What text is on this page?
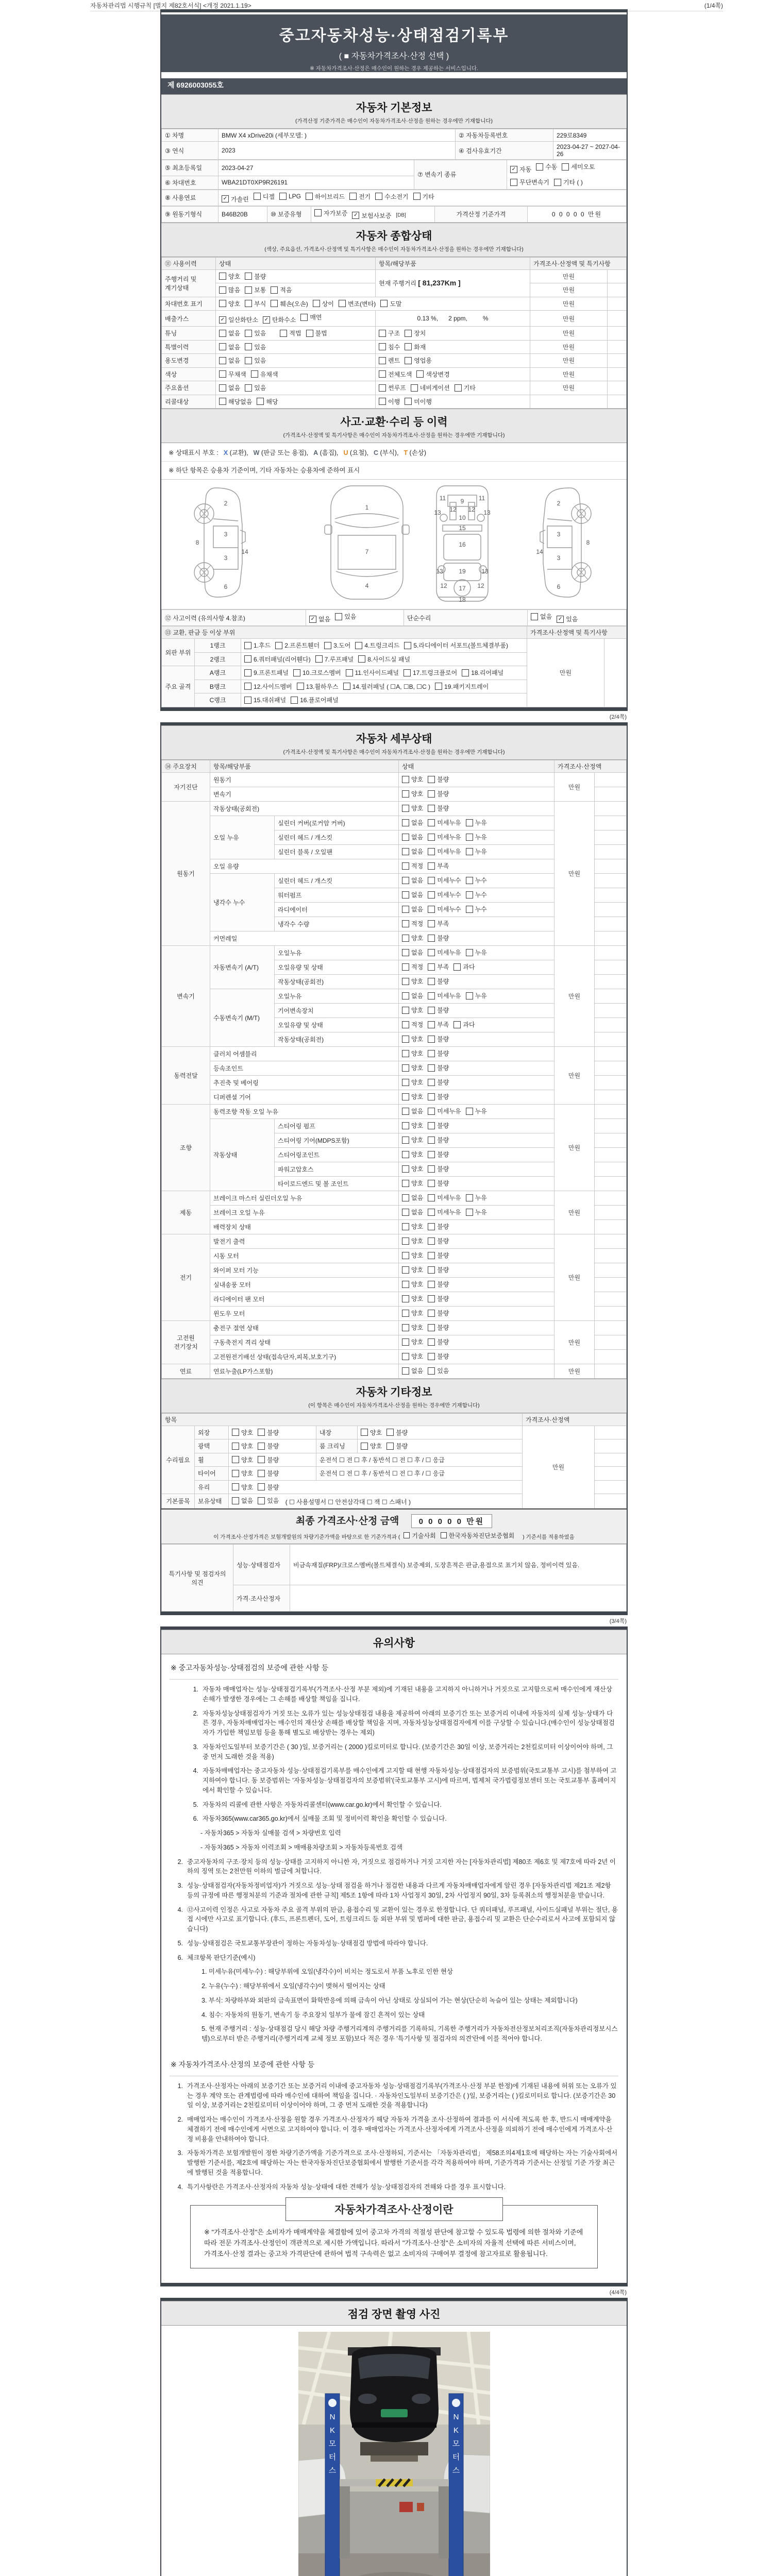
자동차관리법 시행규칙 [별지 제82호서식] <개정 2021.1.19>	(1/4쪽)
중고자동차성능·상태점검기록부
( ■ 자동차가격조사·산정 선택 )
※ 자동차가격조사·산정은 매수인이 원하는 경우 제공하는 서비스입니다.
제 6926003055호
자동차 기본정보
(가격산정 기준가격은 매수인이 자동차가격조사·산정을 원하는 경우에만 기재합니다)
① 차명	BMW X4 xDrive20i (세부모델: )	② 자동차등록번호	229로8349
③ 연식	2023	④ 검사유효기간	2023-04-27 ~ 2027-04-26
⑤ 최초등록일	2023-04-27	⑦ 변속기 종류	✓ 자동 수동 세미오토

⑥ 차대번호	WBA21DT0XP9R26191		무단변속기 기타 ( )
⑧ 사용연료	✓ 가솔린 디젤 LPG 하이브리드 전기 수소전기 기타
⑨ 원동기형식	B46B20B	⑩ 보증유형	자가보증 ✓ 보험사보증 [DB]	가격산정 기준가격	0 0 0 0 0 만원
자동차 종합상태
(색상, 주요옵션, 가격조사·산정액 및 특기사항은 매수인이 자동차가격조사·산정을 원하는 경우에만 기재합니다)
⑪ 사용이력	상태	항목/해당부품	가격조사·산정액 및 특기사항	
주행거리 및 계기상태	양호 불량	현재 주행거리 [ 81,237Km ]	만원	

	많음 보통 적음		만원	
차대번호 표기	양호 부식 훼손(오손) 상이 변조(변타) 도말	만원	
배출가스	✓ 일산화탄소 ✓ 탄화수소 매연	0.13 %,      2 ppm,         %	만원	
튜닝	없음 있음 적법 불법	구조 장치	만원	
특별이력	없음 있음	침수 화재	만원	
용도변경	없음 있음	렌트 영업용	만원	
색상	무채색 유채색	전체도색 색상변경	만원	
주요옵션	없음 있음	썬루프 네비게이션 기타	만원	
리콜대상	해당없음 해당	이행 미이행		

사고·교환·수리 등 이력
(가격조사·산정액 및 특기사항은 매수인이 자동차가격조사·산정을 원하는 경우에만 기재합니다)
※ 상태표시 부호 : X (교환), W (판금 또는 용접), A (흠집), U (요철), C (부식), T (손상)
※ 하단 항목은 승용차 기준이며, 기타 자동차는 승용차에 준하여 표시
2
8
3
14
3
6
1
7
4
9
11	11
13	13
12 12
10
15
16
19
13	13
12	12
17
18
2
8
3
14
3
6
⑫ 사고이력 (유의사항 4.참조)	✓ 없음 있음	단순수리	없음 ✓ 있음
⑬ 교환, 판금 등 이상 부위			가격조사·산정액 및 특기사항	
외판 부위	1랭크	1.후드 2.프론트휀더 3.도어 4.트렁크리드 5.라디에이터 서포트(볼트체결부품)	만원	
	2랭크	6.쿼터패널(리어휀다) 7.루프패널 8.사이드실 패널		

주요 골격	A랭크	9.프론트패널 10.크로스멤버 11.인사이드패널 17.트렁크플로어 18.리어패널		

	B랭크	12.사이드멤버 13.휠하우스 14.필러패널 ( ☐A, ☐B, ☐C ) 19.패키지트레이		

	C랭크	15.대쉬패널 16.플로어패널		
(2/4쪽)
자동차 세부상태
(가격조사·산정액 및 특기사항은 매수인이 자동차가격조사·산정을 원하는 경우에만 기재합니다)
⑭ 주요장치	항목/해당부품		상태	가격조사·산정액	
자기진단	원동기		양호 불량	만원	
	변속기		양호 불량		

원동기	작동상태(공회전)		양호 불량	만원	
	오일 누유	실린더 커버(로커암 커버)	없음 미세누유 누유		

		실린더 헤드 / 개스킷	없음 미세누유 누유		

		실린더 블록 / 오일팬	없음 미세누유 누유		

	오일 유량		적정 부족		

	냉각수 누수	실린더 헤드 / 개스킷	없음 미세누수 누수		

		워터펌프	없음 미세누수 누수		

		라디에이터	없음 미세누수 누수		

		냉각수 수량	적정 부족		

	커먼레일		양호 불량		

변속기	자동변속기 (A/T)	오일누유	없음 미세누유 누유	만원	
		오일유량 및 상태	적정 부족 과다		

		작동상태(공회전)	양호 불량		

	수동변속기 (M/T)	오일누유	없음 미세누유 누유		

		기어변속장치	양호 불량		

		오일유량 및 상태	적정 부족 과다		

		작동상태(공회전)	양호 불량		

동력전달	클러치 어셈블리		양호 불량	만원	
	등속조인트		양호 불량		

	추진축 및 베어링		양호 불량		

	디퍼렌셜 기어		양호 불량		

조향	동력조향 작동 오일 누유		없음 미세누유 누유	만원	
	작동상태	스티어링 펌프	양호 불량		

		스티어링 기어(MDPS포함)	양호 불량		

		스티어링조인트	양호 불량		

		파워고압호스	양호 불량		

		타이로드엔드 및 볼 조인트	양호 불량		

제동	브레이크 마스터 실린더오일 누유		없음 미세누유 누유	만원	
	브레이크 오일 누유		없음 미세누유 누유		

	배력장치 상태		양호 불량		

전기	발전기 출력		양호 불량	만원	
	시동 모터		양호 불량		

	와이퍼 모터 기능		양호 불량		

	실내송풍 모터		양호 불량		

	라디에이터 팬 모터		양호 불량		

	윈도우 모터		양호 불량		

고전원 전기장치	충전구 절연 상태		양호 불량	만원	
	구동축전지 격리 상태		양호 불량		

	고전원전기배선 상태(접속단자,피복,보호기구)		양호 불량		

연료	연료누출(LP가스포함)		없음 있음	만원	
자동차 기타정보
(이 항목은 매수인이 자동차가격조사·산정을 원하는 경우에만 기재합니다)
항목					가격조사·산정액	
수리필요	외장	양호 불량	내장	양호 불량	만원	
	광택	양호 불량	룸 크리닝	양호 불량		

	휠	양호 불량	운전석 ☐ 전 ☐ 후 / 동반석 ☐ 전 ☐ 후 / ☐ 응급			
	타이어	양호 불량	운전석 ☐ 전 ☐ 후 / 동반석 ☐ 전 ☐ 후 / ☐ 응급			
	유리	양호 불량				

기본품목	보유상태	없음 있음 ( ☐ 사용설명서 ☐ 안전삼각대 ☐ 잭 ☐ 스패너 )				
최종 가격조사·산정 금액	0 0 0 0 0 만원
이 가격조사·산정가격은 보험개발원의 차량기준가액을 바탕으로 한 기준가격과 ( 기술사회 한국자동차진단보증협회 ) 기준서를 적용하였음
특기사항 및 점검자의 의견	성능·상태점검자	비금속재질(FRP)/크로스멤버(볼트체결식) 보증제외, 도장흔적은 판금,용접으로 표기치 않음, 정비이력 있음.
	가격·조사산정자	
(3/4쪽)
유의사항
※ 중고자동차성능·상태점검의 보증에 관한 사항 등
1. 자동차 매매업자는 성능·상태점검기록부(가격조사·산정 부분 제외)에 기재된 내용을 고지하지 아니하거나 거짓으로 고지함으로써 매수인에게 재산상 손해가 발생한 경우에는 그 손해를 배상할 책임을 집니다.
2. 자동차성능상태점검자가 거짓 또는 오류가 있는 성능상태점검 내용을 제공하여 아래의 보증기간 또는 보증거리 이내에 자동차의 실제 성능·상태가 다른 경우, 자동차매매업자는 매수인의 재산상 손해를 배상할 책임을 지며, 자동차성능상태점검자에게 이를 구상할 수 있습니다.(매수인이 성능상태점검자가 가입한 책임보험 등을 통해 별도로 배상받는 경우는 제외)
3. 자동차인도일부터 보증기간은 ( 30 )일, 보증거리는 ( 2000 )킬로미터로 합니다. (보증기간은 30일 이상, 보증거리는 2천킬로미터 이상이어야 하며, 그 중 먼저 도래한 것을 적용)
4. 자동차매매업자는 중고자동차 성능·상태점검기록부를 매수인에게 고지할 때 현행 자동차성능·상태점검자의 보증범위(국토교통부 고시)를 첨부하여 고지하여야 합니다. 동 보증범위는 '자동차성능·상태점검자의 보증범위'(국토교통부 고시)에 따르며, 법제처 국가법령정보센터 또는 국토교통부 홈페이지에서 확인할 수 있습니다.
5. 자동차의 리콜에 관한 사항은 자동차리콜센터(www.car.go.kr)에서 확인할 수 있습니다.
6. 자동차365(www.car365.go.kr)에서 실매물 조회 및 정비이력 확인을 확인할 수 있습니다.
- 자동차365 > 자동차 실매물 검색 > 차량번호 입력
- 자동차365 > 자동차 이력조회 > 매매용차량조회 > 자동차등록번호 검색
2. 중고자동차의 구조·장치 등의 성능·상태를 고지하지 아니한 자, 거짓으로 점검하거나 거짓 고지한 자는 [자동차관리법] 제80조 제6호 및 제7호에 따라 2년 이하의 징역 또는 2천만원 이하의 벌금에 처합니다.
3. 성능·상태점검자(자동차정비업자)가 거짓으로 성능·상태 점검을 하거나 점검한 내용과 다르게 자동차매매업자에게 알린 경우 [자동차관리법 제21조 제2항 등의 규정에 따른 행정처분의 기준과 절차에 관한 규칙] 제5조 1항에 따라 1차 사업정지 30일, 2차 사업정지 90일, 3차 등록취소의 행정처분을 받습니다.
4. ⑫사고이력 인정은 사고로 자동차 주요 골격 부위의 판금, 용접수리 및 교환이 있는 경우로 한정합니다. 단 쿼터패널, 루프패널, 사이드실패널 부위는 절단, 용접 시에만 사고로 표기합니다. (후드, 프론트펜더, 도어, 트렁크리드 등 외판 부위 및 범퍼에 대한 판금, 용접수리 및 교환은 단순수리로서 사고에 포함되지 않습니다)
5. 성능·상태점검은 국토교통부장관이 정하는 자동차성능·상태점검 방법에 따라야 합니다.
6. 체크항목 판단기준(예시)
1. 미세누유(미세누수) : 해당부위에 오일(냉각수)이 비치는 정도로서 부품 노후로 인한 현상
2. 누유(누수) : 해당부위에서 오일(냉각수)이 맺혀서 떨어지는 상태
3. 부식: 차량하부와 외판의 금속표면이 화학반응에 의해 금속이 아닌 상태로 상실되어 가는 현상(단순히 녹슬어 있는 상태는 제외합니다)
4. 침수: 자동차의 원동기, 변속기 등 주요장치 일부가 물에 잠긴 흔적이 있는 상태
5. 현재 주행거리 : 성능·상태점검 당시 해당 차량 주행거리계의 주행거리를 기록하되, 기록한 주행거리가 자동차전산정보처리조직(자동차관리정보시스템)으로부터 받은 주행거리(주행거리계 교체 정보 포함)보다 적은 경우 '특기사항 및 점검자의 의견'란에 이를 적어야 합니다.
※ 자동차가격조사·산정의 보증에 관한 사항 등
1. 가격조사·산정자는 아래의 보증기간 또는 보증거리 이내에 중고자동차 성능·상태점검기록부(가격조사·산정 부분 한정)에 기재된 내용에 허위 또는 오류가 있는 경우 계약 또는 관계법령에 따라 매수인에 대하여 책임을 집니다. · 자동차인도일부터 보증기간은 ( )일, 보증거리는 ( )킬로미터로 합니다. (보증기간은 30일 이상, 보증거리는 2천킬로미터 이상이어야 하며, 그 중 먼저 도래한 것을 적용합니다)
2. 매매업자는 매수인이 가격조사·산정을 원할 경우 가격조사·산정자가 해당 자동차 가격을 조사·산정하여 결과를 이 서식에 적도록 한 후, 반드시 매매계약을 체결하기 전에 매수인에게 서면으로 고지하여야 합니다. 이 경우 매매업자는 가격조사·산정자에게 가격조사·산정을 의뢰하기 전에 매수인에게 가격조사·산정 비용을 안내하여야 합니다.
3. 자동차가격은 보험개발원이 정한 차량기준가액을 기준가격으로 조사·산정하되, 기준서는 「자동차관리법」 제58조의4제1호에 해당하는 자는 기술사회에서 발행한 기준서를, 제2호에 해당하는 자는 한국자동차진단보증협회에서 발행한 기준서를 각각 적용하여야 하며, 기준가격과 기준서는 산정일 기준 가장 최근에 발행된 것을 적용합니다.
4. 특기사항란은 가격조사·산정자의 자동차 성능·상태에 대한 견해가 성능·상태점검자의 견해와 다를 경우 표시합니다.
자동차가격조사·산정이란
※ "가격조사·산정"은 소비자가 매매계약을 체결함에 있어 중고차 가격의 적절성 판단에 참고할 수 있도록 법령에 의한 절차와 기준에 따라 전문 가격조사·산정인이 객관적으로 제시한 가액입니다. 따라서 "가격조사·산정"은 소비자의 자율적 선택에 따른 서비스이며, 가격조사·산정 결과는 중고차 가격판단에 관하여 법적 구속력은 없고 소비자의 구매여부 결정에 참고자료로 활용됩니다.
(4/4쪽)
점검 장면 촬영 사진
N
K
모
터
스
N
K
모
터
스
